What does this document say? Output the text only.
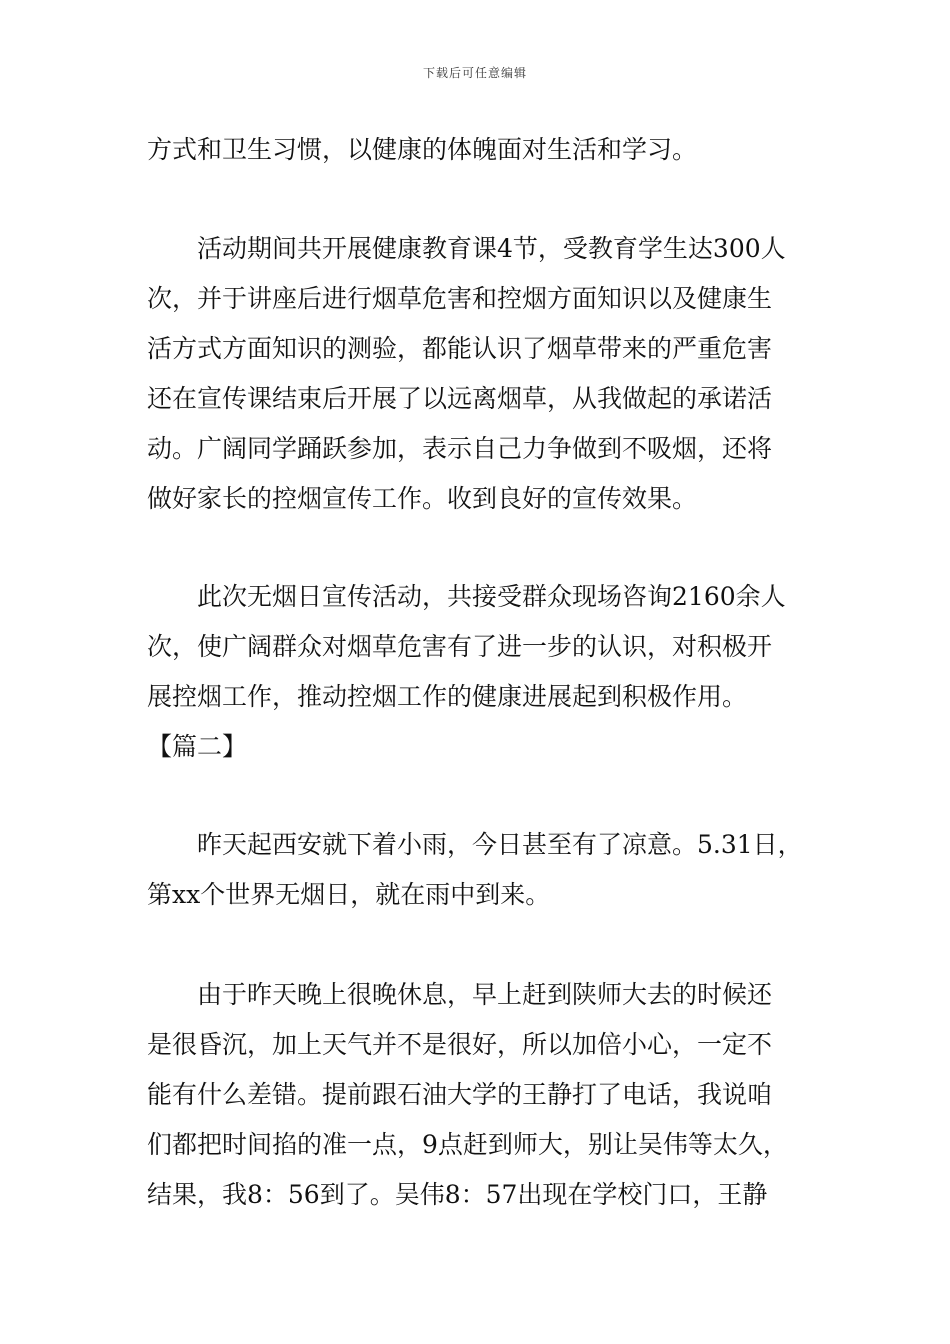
下载后可任意编辑
方式和卫生习惯，以健康的体魄面对生活和学习。
活动期间共开展健康教育课4节，受教育学生达300人
次，并于讲座后进行烟草危害和控烟方面知识以及健康生
活方式方面知识的测验，都能认识了烟草带来的严重危害
还在宣传课结束后开展了以远离烟草，从我做起的承诺活
动。广阔同学踊跃参加，表示自己力争做到不吸烟，还将
做好家长的控烟宣传工作。收到良好的宣传效果。
此次无烟日宣传活动，共接受群众现场咨询2160余人
次，使广阔群众对烟草危害有了进一步的认识，对积极开
展控烟工作，推动控烟工作的健康进展起到积极作用。
【篇二】
昨天起西安就下着小雨，今日甚至有了凉意。5.31日，
第xx个世界无烟日，就在雨中到来。
由于昨天晚上很晚休息，早上赶到陕师大去的时候还
是很昏沉，加上天气并不是很好，所以加倍小心，一定不
能有什么差错。提前跟石油大学的王静打了电话，我说咱
们都把时间掐的准一点，9点赶到师大，别让吴伟等太久，
结果，我8：56到了。吴伟8：57出现在学校门口，王静
